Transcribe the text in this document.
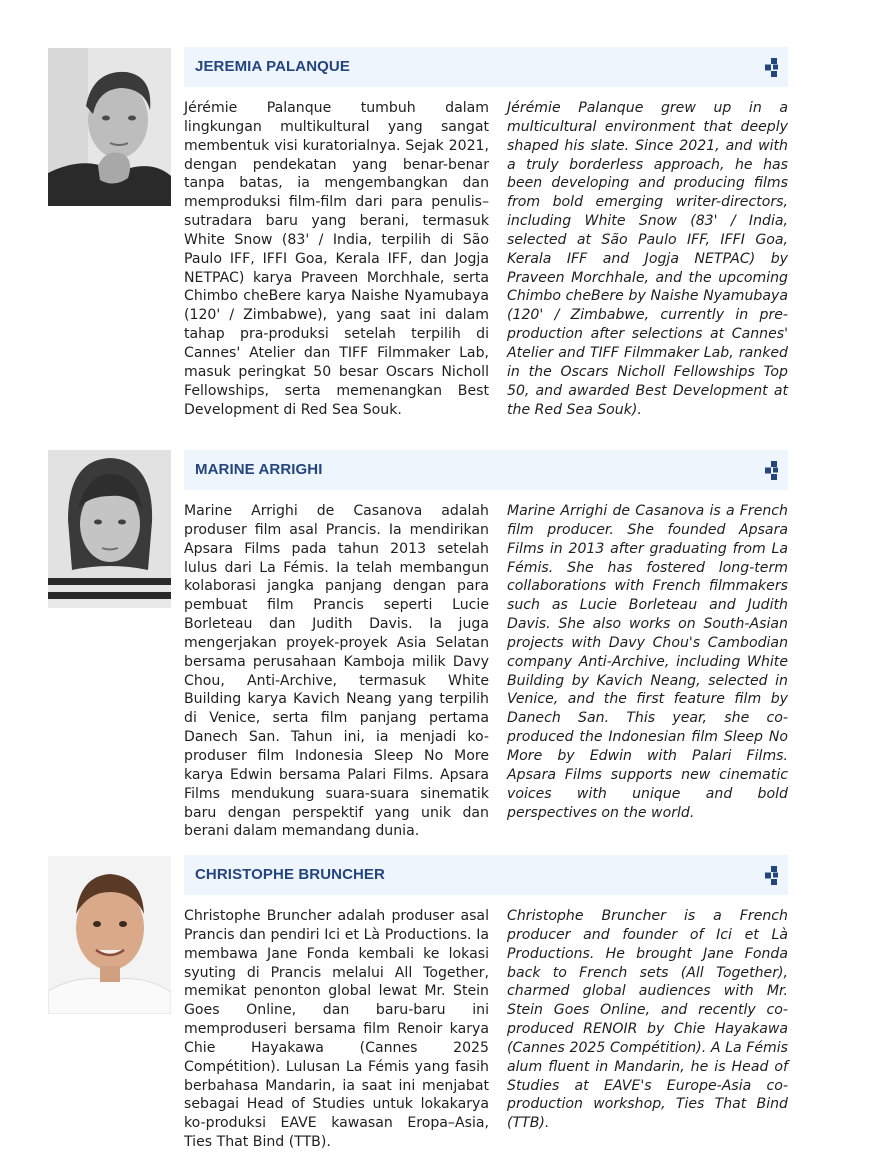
JEREMIA PALANQUE

Jérémie Palanque tumbuh dalam lingkungan multikultural yang sangat membentuk visi kuratorialnya. Sejak 2021, dengan pendekatan yang benar-benar tanpa batas, ia mengembangkan dan memproduksi film-film dari para penulis–sutradara baru yang berani, termasuk White Snow (83' / India, terpilih di São Paulo IFF, IFFI Goa, Kerala IFF, dan Jogja NETPAC) karya Praveen Morchhale, serta Chimbo cheBere karya Naishe Nyamubaya (120' / Zimbabwe), yang saat ini dalam tahap pra-produksi setelah terpilih di Cannes' Atelier dan TIFF Filmmaker Lab, masuk peringkat 50 besar Oscars Nicholl Fellowships, serta memenangkan Best Development di Red Sea Souk.

Jérémie Palanque grew up in a multicultural environment that deeply shaped his slate. Since 2021, and with a truly borderless approach, he has been developing and producing films from bold emerging writer-directors, including White Snow (83' / India, selected at São Paulo IFF, IFFI Goa, Kerala IFF and Jogja NETPAC) by Praveen Morchhale, and the upcoming Chimbo cheBere by Naishe Nyamubaya (120' / Zimbabwe, currently in pre-production after selections at Cannes' Atelier and TIFF Filmmaker Lab, ranked in the Oscars Nicholl Fellowships Top 50, and awarded Best Development at the Red Sea Souk).

MARINE ARRIGHI

Marine Arrighi de Casanova adalah produser film asal Prancis. Ia mendirikan Apsara Films pada tahun 2013 setelah lulus dari La Fémis. Ia telah membangun kolaborasi jangka panjang dengan para pembuat film Prancis seperti Lucie Borleteau dan Judith Davis. Ia juga mengerjakan proyek-proyek Asia Selatan bersama perusahaan Kamboja milik Davy Chou, Anti-Archive, termasuk White Building karya Kavich Neang yang terpilih di Venice, serta film panjang pertama Danech San. Tahun ini, ia menjadi ko-produser film Indonesia Sleep No More karya Edwin bersama Palari Films. Apsara Films mendukung suara-suara sinematik baru dengan perspektif yang unik dan berani dalam memandang dunia.

Marine Arrighi de Casanova is a French film producer. She founded Apsara Films in 2013 after graduating from La Fémis. She has fostered long-term collaborations with French filmmakers such as Lucie Borleteau and Judith Davis. She also works on South-Asian projects with Davy Chou's Cambodian company Anti-Archive, including White Building by Kavich Neang, selected in Venice, and the first feature film by Danech San. This year, she co-produced the Indonesian film Sleep No More by Edwin with Palari Films. Apsara Films supports new cinematic voices with unique and bold perspectives on the world.

CHRISTOPHE BRUNCHER

Christophe Bruncher adalah produser asal Prancis dan pendiri Ici et Là Productions. Ia membawa Jane Fonda kembali ke lokasi syuting di Prancis melalui All Together, memikat penonton global lewat Mr. Stein Goes Online, dan baru-baru ini memproduseri bersama film Renoir karya Chie Hayakawa (Cannes 2025 Compétition). Lulusan La Fémis yang fasih berbahasa Mandarin, ia saat ini menjabat sebagai Head of Studies untuk lokakarya ko-produksi EAVE kawasan Eropa–Asia, Ties That Bind (TTB).

Christophe Bruncher is a French producer and founder of Ici et Là Productions. He brought Jane Fonda back to French sets (All Together), charmed global audiences with Mr. Stein Goes Online, and recently co-produced RENOIR by Chie Hayakawa (Cannes 2025 Compétition). A La Fémis alum fluent in Mandarin, he is Head of Studies at EAVE's Europe-Asia co-production workshop, Ties That Bind (TTB).
